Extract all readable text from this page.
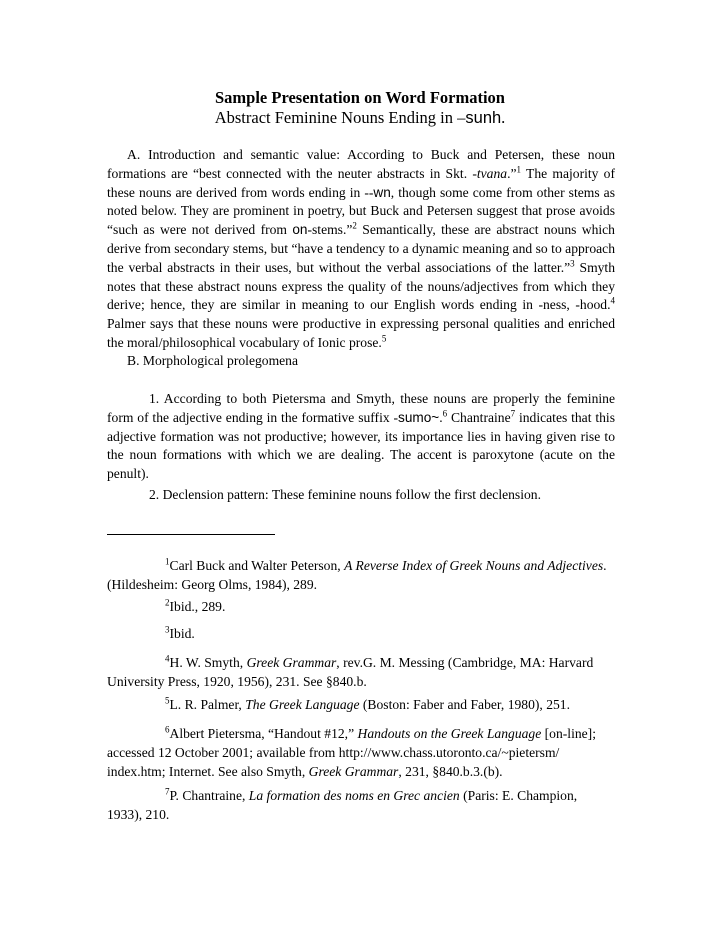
Sample Presentation on Word Formation
Abstract Feminine Nouns Ending in –sunh.
A. Introduction and semantic value: According to Buck and Petersen, these noun formations are “best connected with the neuter abstracts in Skt. -tvana.”$^1$ The majority of these nouns are derived from words ending in --wn, though some come from other stems as noted below. They are prominent in poetry, but Buck and Petersen suggest that prose avoids “such as were not derived from on-stems.”$^2$ Semantically, these are abstract nouns which derive from secondary stems, but “have a tendency to a dynamic meaning and so to approach the verbal abstracts in their uses, but without the verbal associations of the latter.”$^3$ Smyth notes that these abstract nouns express the quality of the nouns/adjectives from which they derive; hence, they are similar in meaning to our English words ending in -ness, -hood.$^4$ Palmer says that these nouns were productive in expressing personal qualities and enriched the moral/philosophical vocabulary of Ionic prose.$^5$
B. Morphological prolegomena
1. According to both Pietersma and Smyth, these nouns are properly the feminine form of the adjective ending in the formative suffix -sumo~.$^6$ Chantraine$^7$ indicates that this adjective formation was not productive; however, its importance lies in having given rise to the noun formations with which we are dealing. The accent is paroxytone (acute on the penult).
2. Declension pattern: These feminine nouns follow the first declension.

$^1$Carl Buck and Walter Peterson, A Reverse Index of Greek Nouns and Adjectives. (Hildesheim: Georg Olms, 1984), 289.

$^2$Ibid., 289.

$^3$Ibid.

$^4$H. W. Smyth, Greek Grammar, rev.G. M. Messing (Cambridge, MA: Harvard University Press, 1920, 1956), 231. See §840.b.

$^5$L. R. Palmer, The Greek Language (Boston: Faber and Faber, 1980), 251.

$^6$Albert Pietersma, “Handout #12,” Handouts on the Greek Language [on-line]; accessed 12 October 2001; available from http://www.chass.utoronto.ca/~pietersm/ index.htm; Internet. See also Smyth, Greek Grammar, 231, §840.b.3.(b).

$^7$P. Chantraine, La formation des noms en Grec ancien (Paris: E. Champion, 1933), 210.
